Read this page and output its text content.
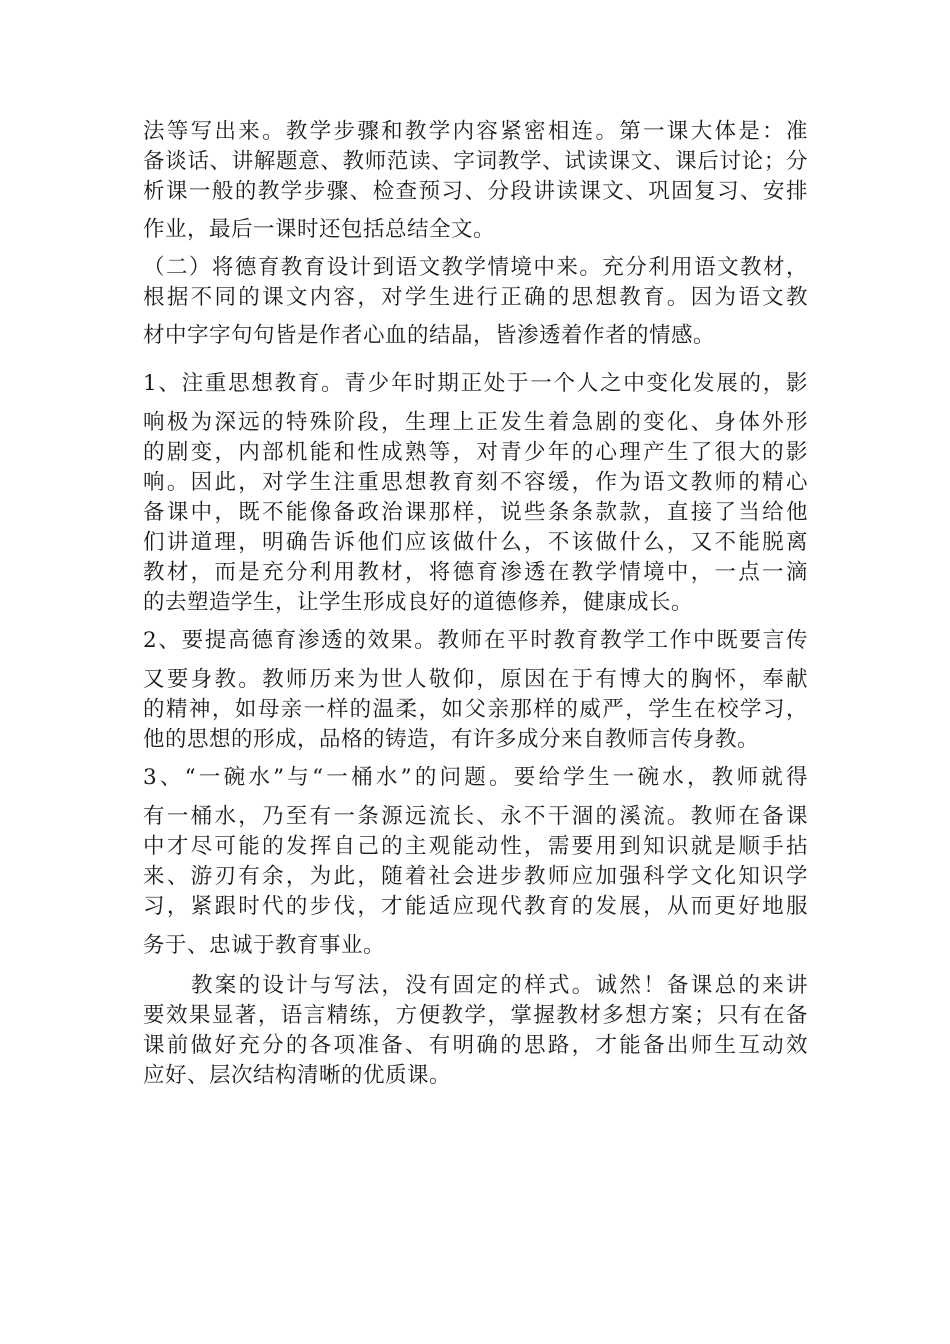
法等写出来。教学步骤和教学内容紧密相连。第一课大体是：准
备谈话、讲解题意、教师范读、字词教学、试读课文、课后讨论；分
析课一般的教学步骤、检查预习、分段讲读课文、巩固复习、安排
作业，最后一课时还包括总结全文。
（二）将德育教育设计到语文教学情境中来。充分利用语文教材，
根据不同的课文内容，对学生进行正确的思想教育。因为语文教
材中字字句句皆是作者心血的结晶，皆渗透着作者的情感。
1、注重思想教育。青少年时期正处于一个人之中变化发展的，影
响极为深远的特殊阶段，生理上正发生着急剧的变化、身体外形
的剧变，内部机能和性成熟等，对青少年的心理产生了很大的影
响。因此，对学生注重思想教育刻不容缓，作为语文教师的精心
备课中，既不能像备政治课那样，说些条条款款，直接了当给他
们讲道理，明确告诉他们应该做什么，不该做什么，又不能脱离
教材，而是充分利用教材，将德育渗透在教学情境中，一点一滴
的去塑造学生，让学生形成良好的道德修养，健康成长。
2、要提高德育渗透的效果。教师在平时教育教学工作中既要言传
又要身教。教师历来为世人敬仰，原因在于有博大的胸怀，奉献
的精神，如母亲一样的温柔，如父亲那样的威严，学生在校学习，
他的思想的形成，品格的铸造，有许多成分来自教师言传身教。
3、“一碗水”与“一桶水”的问题。要给学生一碗水，教师就得
有一桶水，乃至有一条源远流长、永不干涸的溪流。教师在备课
中才尽可能的发挥自己的主观能动性，需要用到知识就是顺手拈
来、游刃有余，为此，随着社会进步教师应加强科学文化知识学
习，紧跟时代的步伐，才能适应现代教育的发展，从而更好地服
务于、忠诚于教育事业。
教案的设计与写法，没有固定的样式。诚然！备课总的来讲
要效果显著，语言精练，方便教学，掌握教材多想方案；只有在备
课前做好充分的各项准备、有明确的思路，才能备出师生互动效
应好、层次结构清晰的优质课。
